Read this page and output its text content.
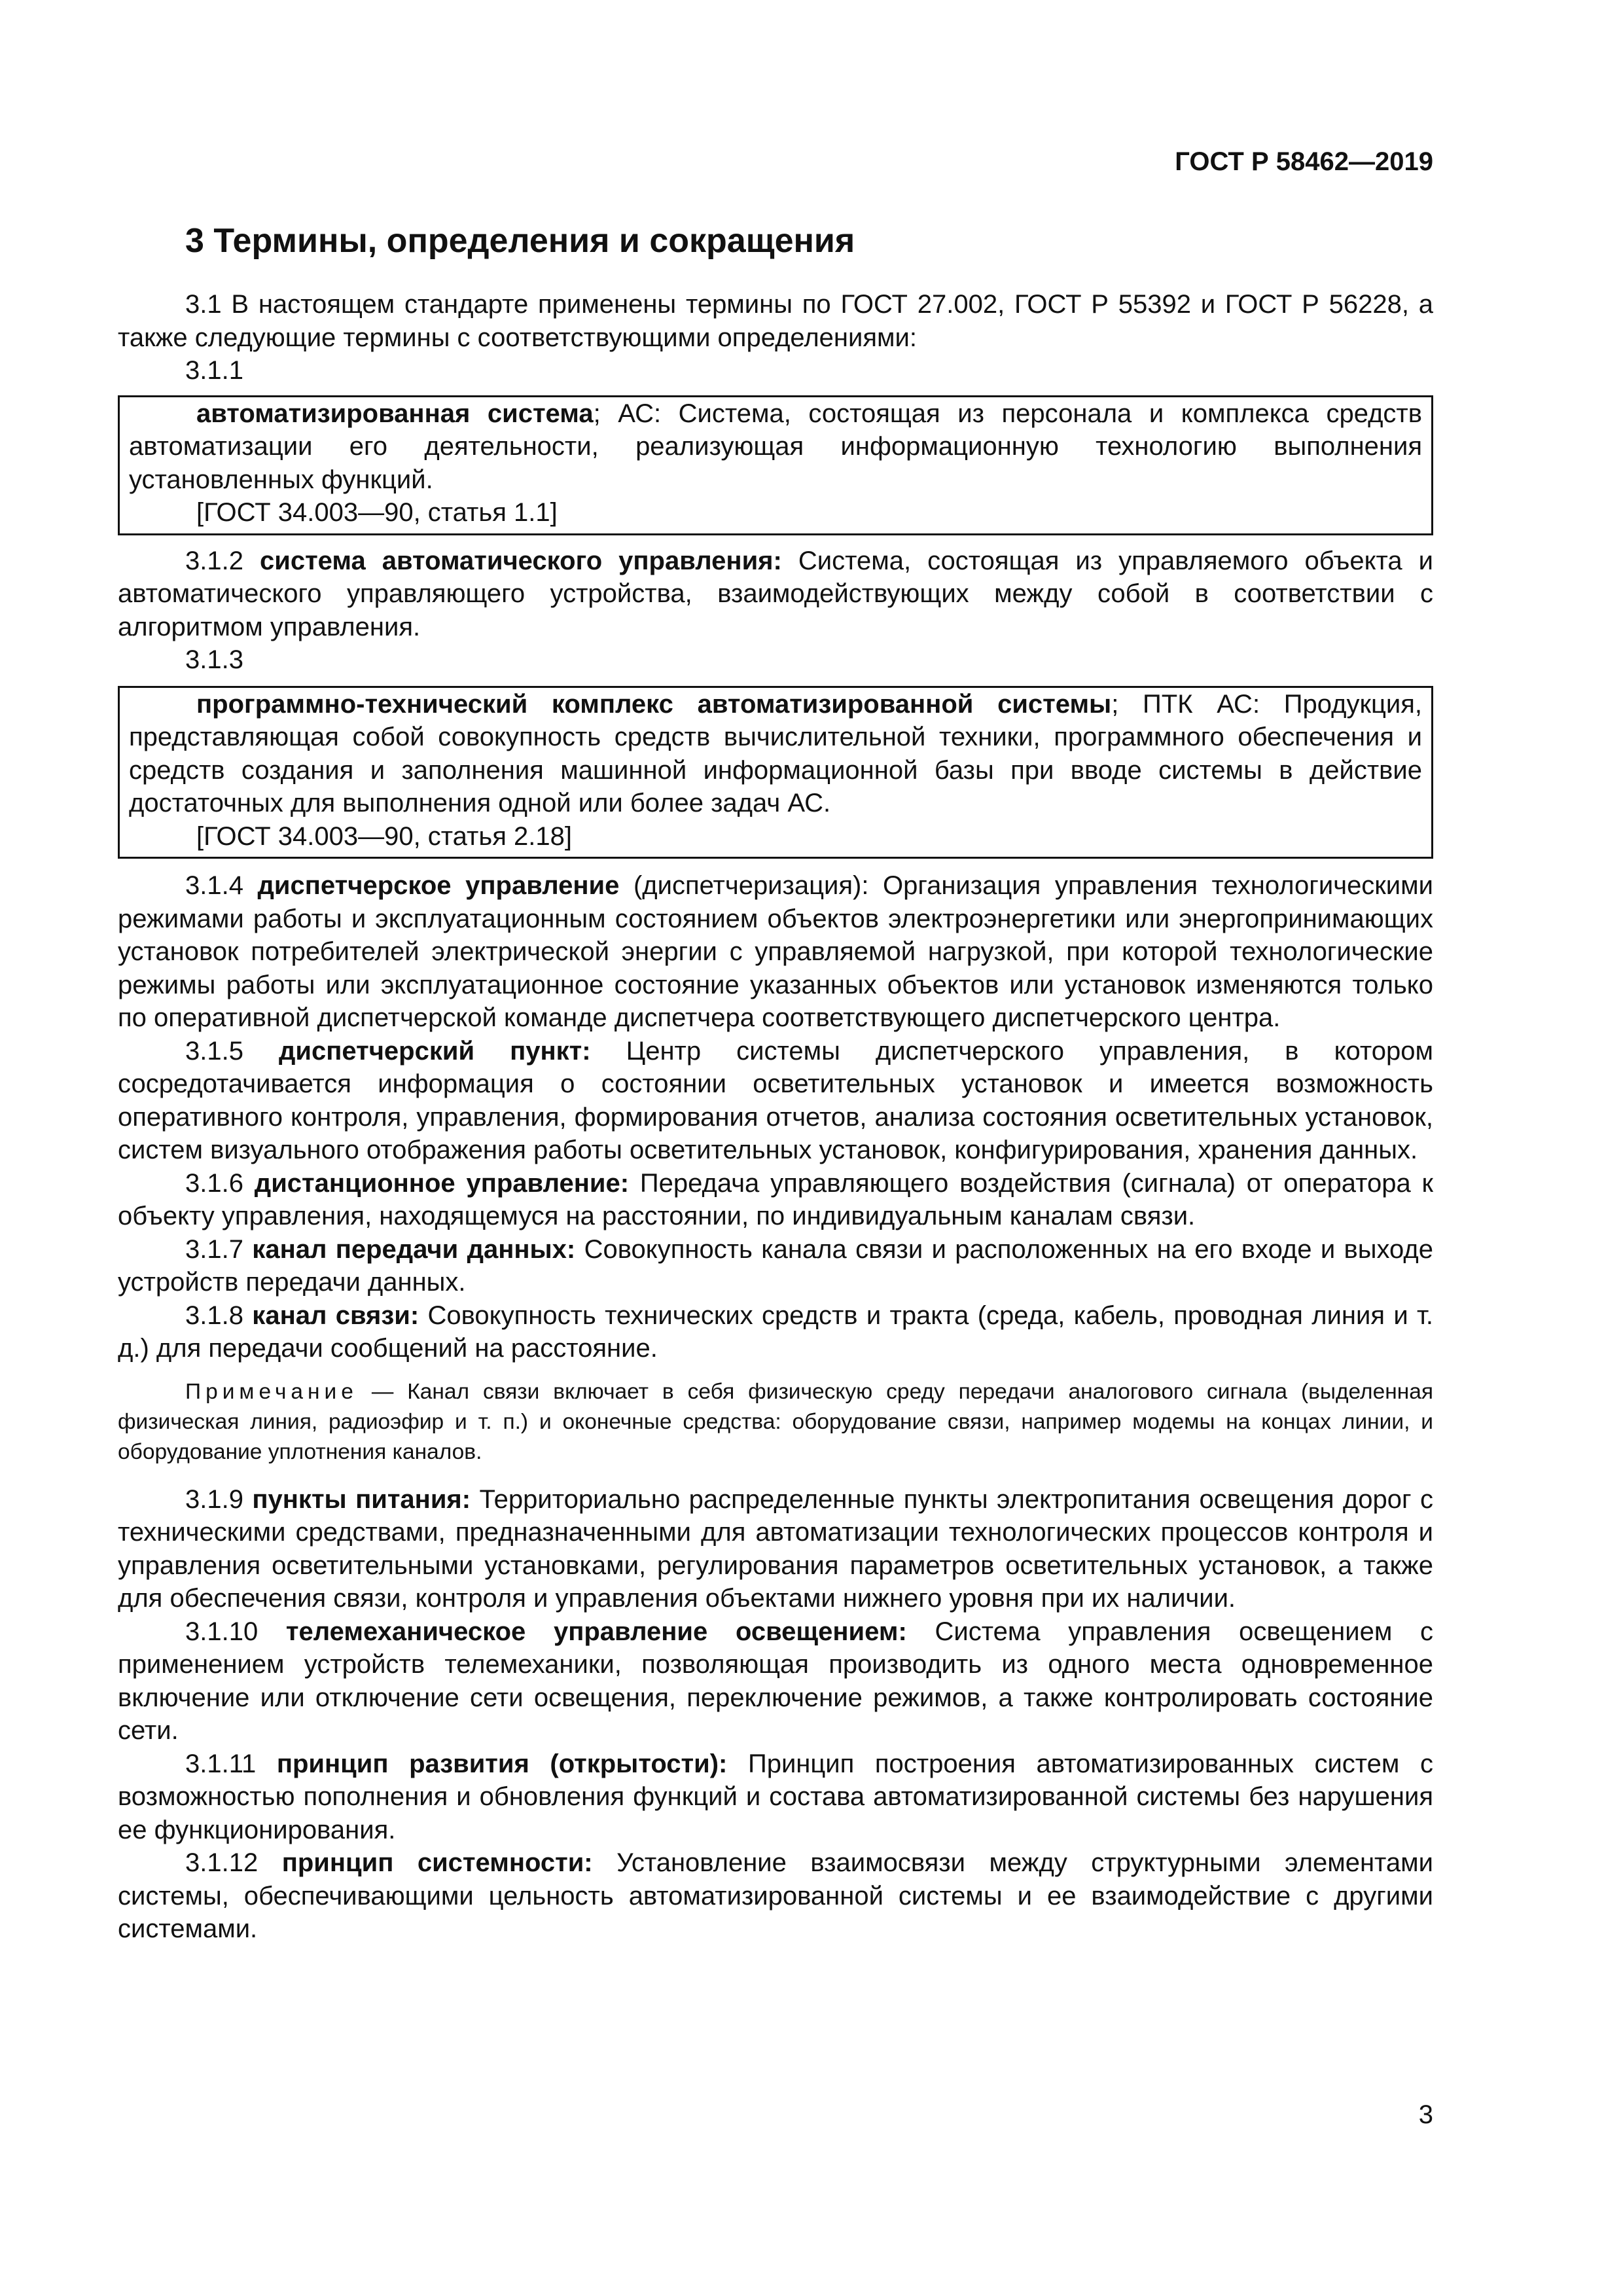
ГОСТ Р 58462—2019
3 Термины, определения и сокращения

3.1 В настоящем стандарте применены термины по ГОСТ 27.002, ГОСТ Р 55392 и ГОСТ Р 56228, а также следующие термины с соответствующими определениями:

3.1.1

автоматизированная система; АС: Система, состоящая из персонала и комплекса средств автоматизации его деятельности, реализующая информационную технологию выполнения установленных функций.

[ГОСТ 34.003—90, статья 1.1]

3.1.2 система автоматического управления: Система, состоящая из управляемого объекта и автоматического управляющего устройства, взаимодействующих между собой в соответствии с алгоритмом управления.

3.1.3

программно-технический комплекс автоматизированной системы; ПТК АС: Продукция, представляющая собой совокупность средств вычислительной техники, программного обеспечения и средств создания и заполнения машинной информационной базы при вводе системы в действие достаточных для выполнения одной или более задач АС.

[ГОСТ 34.003—90, статья 2.18]

3.1.4 диспетчерское управление (диспетчеризация): Организация управления технологическими режимами работы и эксплуатационным состоянием объектов электроэнергетики или энергопринимающих установок потребителей электрической энергии с управляемой нагрузкой, при которой технологические режимы работы или эксплуатационное состояние указанных объектов или установок изменяются только по оперативной диспетчерской команде диспетчера соответствующего диспетчерского центра.

3.1.5 диспетчерский пункт: Центр системы диспетчерского управления, в котором сосредотачивается информация о состоянии осветительных установок и имеется возможность оперативного контроля, управления, формирования отчетов, анализа состояния осветительных установок, систем визуального отображения работы осветительных установок, конфигурирования, хранения данных.

3.1.6 дистанционное управление: Передача управляющего воздействия (сигнала) от оператора к объекту управления, находящемуся на расстоянии, по индивидуальным каналам связи.

3.1.7 канал передачи данных: Совокупность канала связи и расположенных на его входе и выходе устройств передачи данных.

3.1.8 канал связи: Совокупность технических средств и тракта (среда, кабель, проводная линия и т. д.) для передачи сообщений на расстояние.

Примечание — Канал связи включает в себя физическую среду передачи аналогового сигнала (выделенная физическая линия, радиоэфир и т. п.) и оконечные средства: оборудование связи, например модемы на концах линии, и оборудование уплотнения каналов.

3.1.9 пункты питания: Территориально распределенные пункты электропитания освещения дорог с техническими средствами, предназначенными для автоматизации технологических процессов контроля и управления осветительными установками, регулирования параметров осветительных установок, а также для обеспечения связи, контроля и управления объектами нижнего уровня при их наличии.

3.1.10 телемеханическое управление освещением: Система управления освещением с применением устройств телемеханики, позволяющая производить из одного места одновременное включение или отключение сети освещения, переключение режимов, а также контролировать состояние сети.

3.1.11 принцип развития (открытости): Принцип построения автоматизированных систем с возможностью пополнения и обновления функций и состава автоматизированной системы без нарушения ее функционирования.

3.1.12 принцип системности: Установление взаимосвязи между структурными элементами системы, обеспечивающими цельность автоматизированной системы и ее взаимодействие с другими системами.

3
